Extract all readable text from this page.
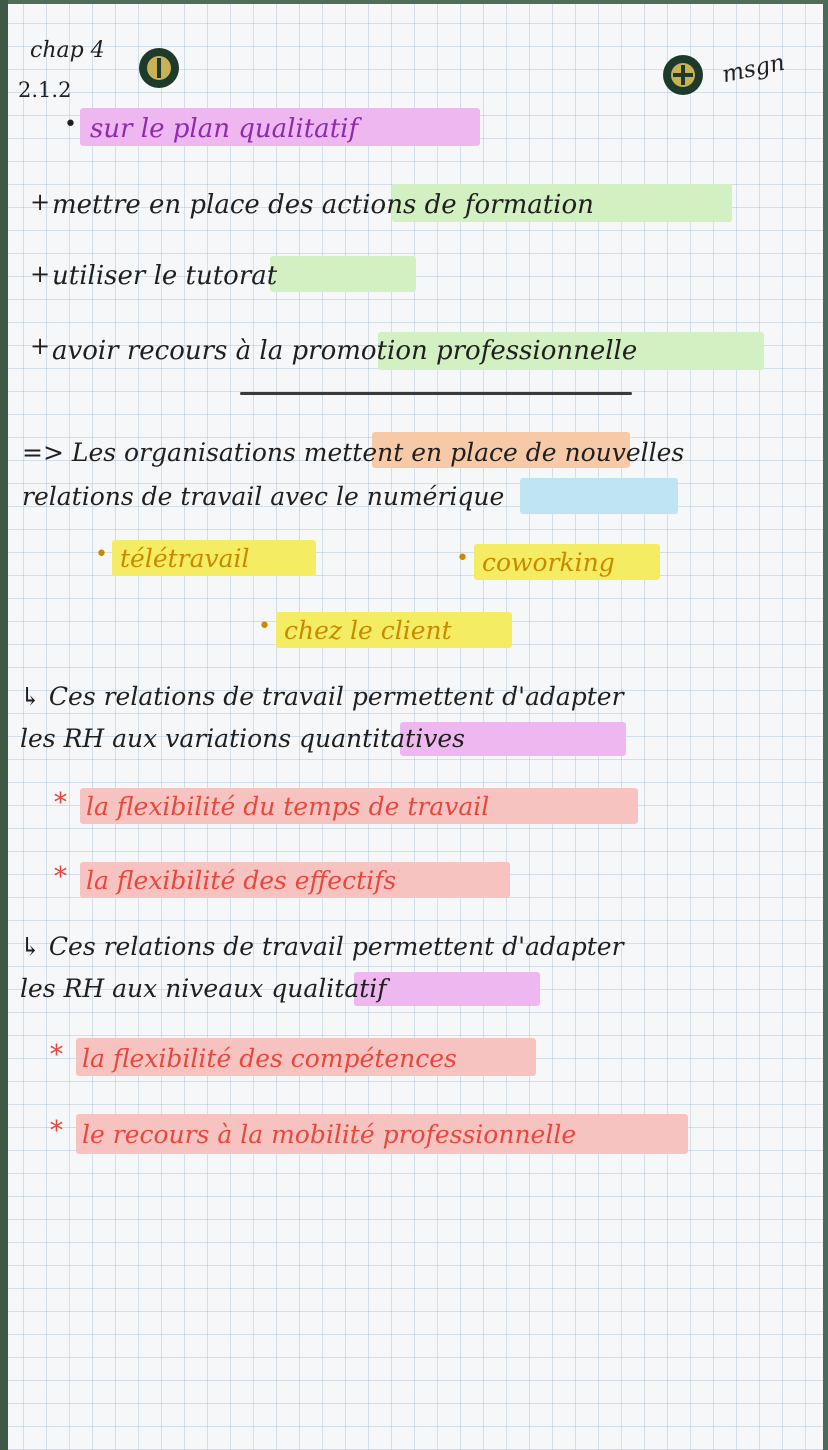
chap 4
2.1.2
msgn
• sur le plan qualitatif
+ mettre en place des actions de formation
+ utiliser le tutorat
+ avoir recours à la promotion professionnelle
=> Les organisations mettent en place de nouvelles
relations de travail avec le numérique
• télétravail	• coworking
• chez le client
↳ Ces relations de travail permettent d'adapter
les RH aux variations quantitatives
* la flexibilité du temps de travail
* la flexibilité des effectifs
↳ Ces relations de travail permettent d'adapter
les RH aux niveaux qualitatif
* la flexibilité des compétences
* le recours à la mobilité professionnelle
